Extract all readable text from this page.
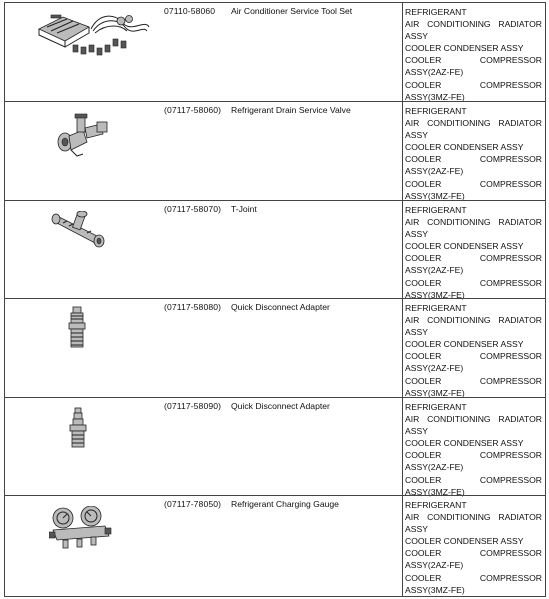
07110-58060	Air Conditioner Service Tool Set	REFRIGERANT
AIR CONDITIONING RADIATOR
ASSY
COOLER CONDENSER ASSY
COOLER	COMPRESSOR
ASSY(2AZ-FE)
COOLER	COMPRESSOR
ASSY(3MZ-FE)
(07117-58060)	Refrigerant Drain Service Valve	REFRIGERANT
AIR CONDITIONING RADIATOR
ASSY
COOLER CONDENSER ASSY
COOLER	COMPRESSOR
ASSY(2AZ-FE)
COOLER	COMPRESSOR
ASSY(3MZ-FE)
(07117-58070)	T-Joint	REFRIGERANT
AIR CONDITIONING RADIATOR
ASSY
COOLER CONDENSER ASSY
COOLER	COMPRESSOR
ASSY(2AZ-FE)
COOLER	COMPRESSOR
ASSY(3MZ-FE)
(07117-58080)	Quick Disconnect Adapter	REFRIGERANT
AIR CONDITIONING RADIATOR
ASSY
COOLER CONDENSER ASSY
COOLER	COMPRESSOR
ASSY(2AZ-FE)
COOLER	COMPRESSOR
ASSY(3MZ-FE)
(07117-58090)	Quick Disconnect Adapter	REFRIGERANT
AIR CONDITIONING RADIATOR
ASSY
COOLER CONDENSER ASSY
COOLER	COMPRESSOR
ASSY(2AZ-FE)
COOLER	COMPRESSOR
ASSY(3MZ-FE)
(07117-78050)	Refrigerant Charging Gauge	REFRIGERANT
AIR CONDITIONING RADIATOR
ASSY
COOLER CONDENSER ASSY
COOLER	COMPRESSOR
ASSY(2AZ-FE)
COOLER	COMPRESSOR
ASSY(3MZ-FE)
